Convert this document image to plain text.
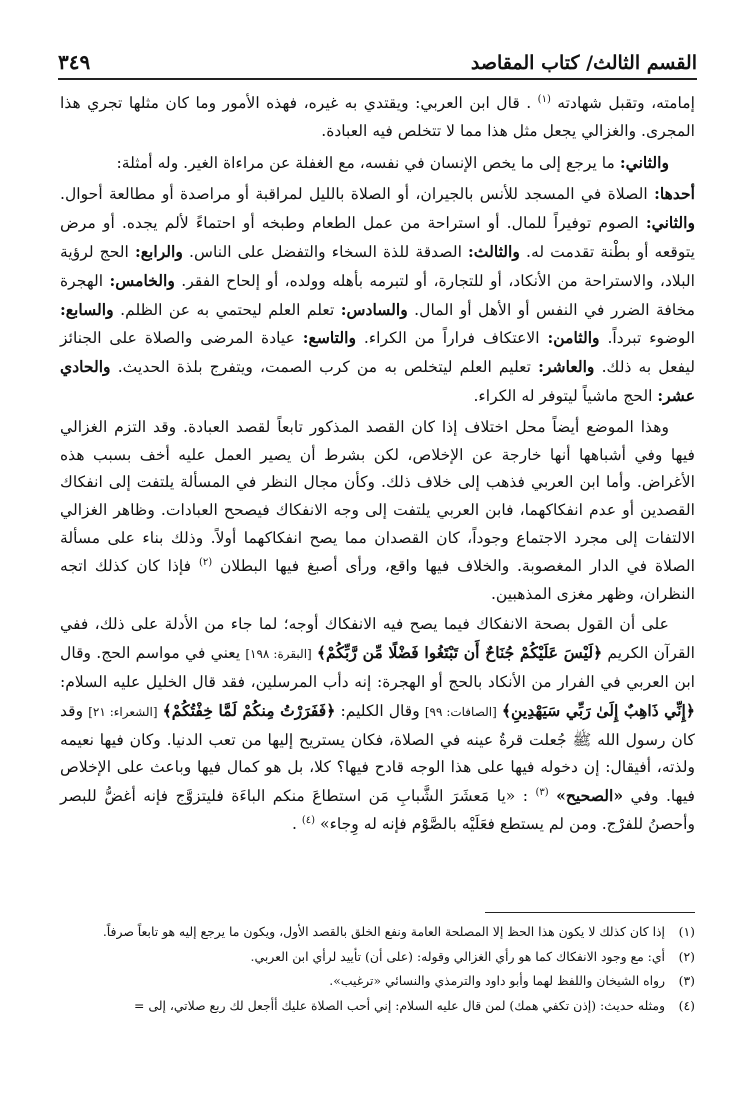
القسم الثالث/ كتاب المقاصد
٣٤٩

إمامته، وتقبل شهادته $^{(١)}$ . قال ابن العربي: ويقتدي به غيره، فهذه الأمور وما كان مثلها تجري هذا المجرى. والغزالي يجعل مثل هذا مما لا تتخلص فيه العبادة.

والثاني: ما يرجع إلى ما يخص الإنسان في نفسه، مع الغفلة عن مراءاة الغير. وله أمثلة:

أحدها: الصلاة في المسجد للأنس بالجيران، أو الصلاة بالليل لمراقبة أو مراصدة أو مطالعة أحوال. والثاني: الصوم توفيراً للمال. أو استراحة من عمل الطعام وطبخه أو احتماءً لألم يجده. أو مرض يتوقعه أو بطْنة تقدمت له. والثالث: الصدقة للذة السخاء والتفضل على الناس. والرابع: الحج لرؤية البلاد، والاستراحة من الأنكاد، أو للتجارة، أو لتبرمه بأهله وولده، أو إلحاح الفقر. والخامس: الهجرة مخافة الضرر في النفس أو الأهل أو المال. والسادس: تعلم العلم ليحتمي به عن الظلم. والسابع: الوضوء تبرداً. والثامن: الاعتكاف فراراً من الكراء. والتاسع: عيادة المرضى والصلاة على الجنائز ليفعل به ذلك. والعاشر: تعليم العلم ليتخلص به من كرب الصمت، ويتفرج بلذة الحديث. والحادي عشر: الحج ماشياً ليتوفر له الكراء.

وهذا الموضع أيضاً محل اختلاف إذا كان القصد المذكور تابعاً لقصد العبادة. وقد التزم الغزالي فيها وفي أشباهها أنها خارجة عن الإخلاص، لكن بشرط أن يصير العمل عليه أخف بسبب هذه الأغراض. وأما ابن العربي فذهب إلى خلاف ذلك. وكأن مجال النظر في المسألة يلتفت إلى انفكاك القصدين أو عدم انفكاكهما، فابن العربي يلتفت إلى وجه الانفكاك فيصحح العبادات. وظاهر الغزالي الالتفات إلى مجرد الاجتماع وجوداً، كان القصدان مما يصح انفكاكهما أولاً. وذلك بناء على مسألة الصلاة في الدار المغصوبة. والخلاف فيها واقع، ورأى أصبغ فيها البطلان $^{(٢)}$ فإذا كان كذلك اتجه النظران، وظهر مغزى المذهبين.

على أن القول بصحة الانفكاك فيما يصح فيه الانفكاك أوجه؛ لما جاء من الأدلة على ذلك، ففي القرآن الكريم ﴿لَيْسَ عَلَيْكُمْ جُنَاحٌ أَن تَبْتَغُوا فَضْلًا مِّن رَّبِّكُمْ﴾ [البقرة: ١٩٨] يعني في مواسم الحج. وقال ابن العربي في الفرار من الأنكاد بالحج أو الهجرة: إنه دأب المرسلين، فقد قال الخليل عليه السلام: ﴿إِنِّي ذَاهِبٌ إِلَىٰ رَبِّي سَيَهْدِينِ﴾ [الصافات: ٩٩] وقال الكليم: ﴿فَفَرَرْتُ مِنكُمْ لَمَّا خِفْتُكُمْ﴾ [الشعراء: ٢١] وقد كان رسول الله ﷺ جُعلت قرةُ عينه في الصلاة، فكان يستريح إليها من تعب الدنيا. وكان فيها نعيمه ولذته، أفيقال: إن دخوله فيها على هذا الوجه قادح فيها؟ كلا، بل هو كمال فيها وباعث على الإخلاص فيها. وفي «الصحيح» $^{(٣)}$ : «يا مَعشَرَ الشَّبابِ مَن استطاعَ منكم الباءَة فليتزوَّج فإنه أغضُّ للبصر وأحصنُ للفرْج. ومن لم يستطع فعَلَيْه بالصَّوْم فإنه له وِجاء» $^{(٤)}$ .

(١)
إذا كان كذلك لا يكون هذا الحظ إلا المصلحة العامة ونفع الخلق بالقصد الأول، ويكون ما يرجع إليه هو تابعاً صرفاً.
(٢)
أي: مع وجود الانفكاك كما هو رأي الغزالي وقوله: (على أن) تأييد لرأي ابن العربي.
(٣)
رواه الشيخان واللفظ لهما وأبو داود والترمذي والنسائي «ترغيب».
(٤)
ومثله حديث: (إذن تكفي همك) لمن قال عليه السلام: إني أحب الصلاة عليك أأجعل لك ربع صلاتي، إلى =
